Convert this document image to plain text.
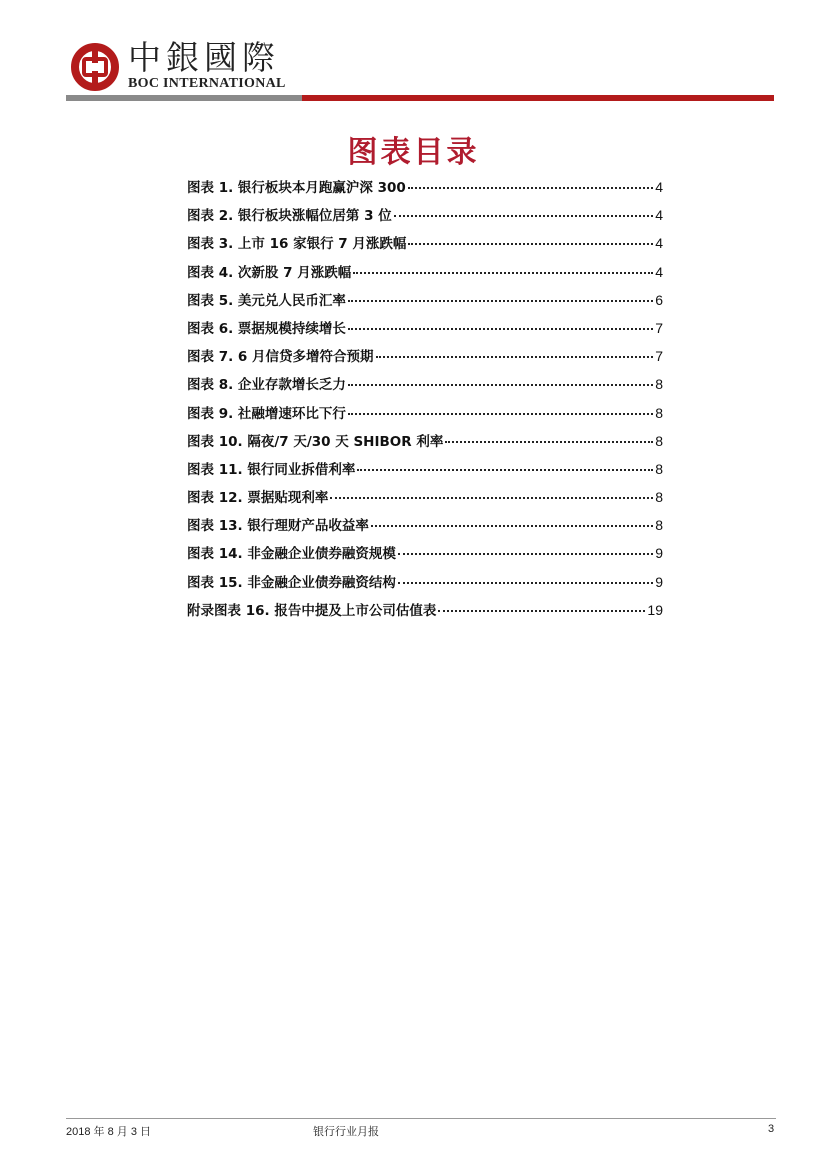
中銀國際
BOC INTERNATIONAL
图表目录
图表 1. 银行板块本月跑赢沪深 300	4
图表 2. 银行板块涨幅位居第 3 位	4
图表 3. 上市 16 家银行 7 月涨跌幅	4
图表 4. 次新股 7 月涨跌幅	4
图表 5. 美元兑人民币汇率	6
图表 6. 票据规模持续增长	7
图表 7. 6 月信贷多增符合预期	7
图表 8. 企业存款增长乏力	8
图表 9. 社融增速环比下行	8
图表 10. 隔夜/7 天/30 天 SHIBOR 利率	8
图表 11. 银行同业拆借利率	8
图表 12. 票据贴现利率	8
图表 13. 银行理财产品收益率	8
图表 14. 非金融企业债券融资规模	9
图表 15. 非金融企业债券融资结构	9
附录图表 16. 报告中提及上市公司估值表	19
2018 年 8 月 3 日	银行行业月报	3
